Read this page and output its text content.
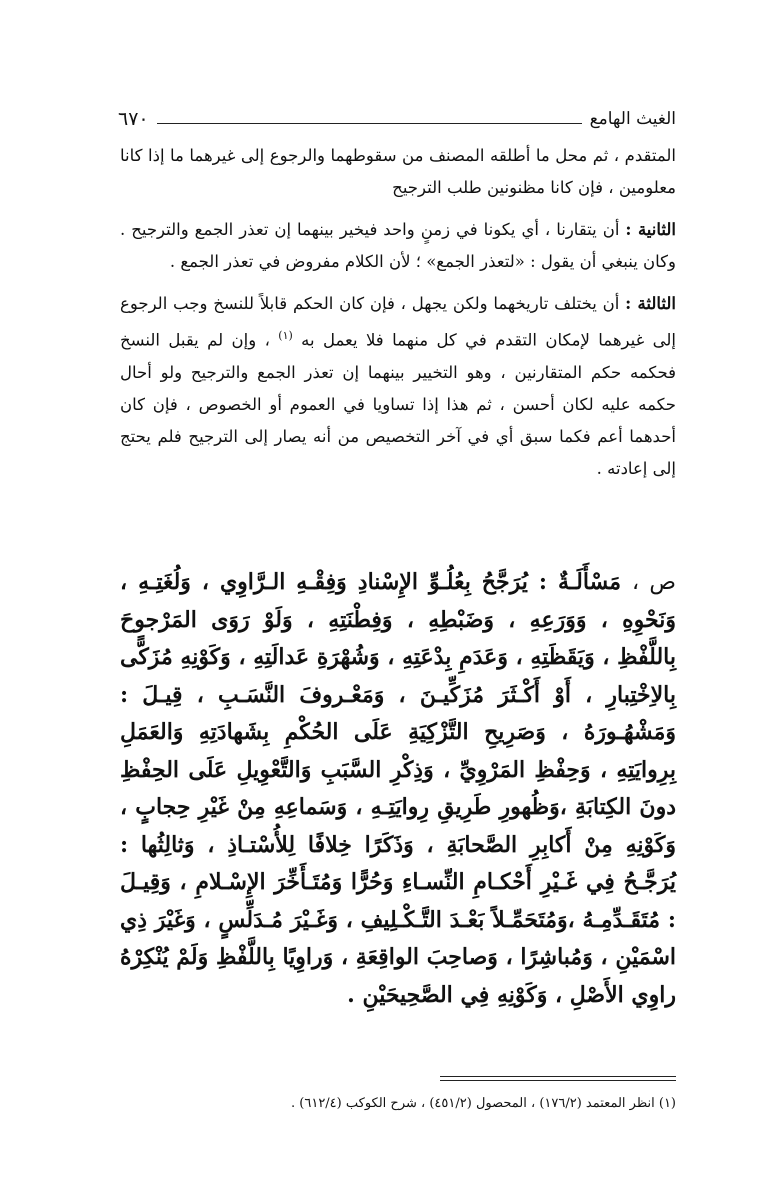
الغيث الهامع
٦٧٠

المتقدم ، ثم محل ما أطلقه المصنف من سقوطهما والرجوع إلى غيرهما ما إذا كانا معلومين ، فإن كانا مظنونين طلب الترجيح

الثانية : أن يتقارنا ، أي يكونا في زمنٍ واحد فيخير بينهما إن تعذر الجمع والترجيح . وكان ينبغي أن يقول : «لتعذر الجمع» ؛ لأن الكلام مفروض في تعذر الجمع .

الثالثة : أن يختلف تاريخهما ولكن يجهل ، فإن كان الحكم قابلاً للنسخ وجب الرجوع إلى غيرهما لإمكان التقدم في كل منهما فلا يعمل به $^{(١)}$ ، وإن لم يقبل النسخ فحكمه حكم المتقارنين ، وهو التخيير بينهما إن تعذر الجمع والترجيح ولو أحال حكمه عليه لكان أحسن ، ثم هذا إذا تساويا في العموم أو الخصوص ، فإن كان أحدهما أعم فكما سبق أي في آخر التخصيص من أنه يصار إلى الترجيح فلم يحتج إلى إعادته .

ص ، مَسْأَلَـةٌ : يُرَجَّحُ بِعُلُـوِّ الإِسْنادِ وَفِقْـهِ الـرَّاوِي ، وَلُغَتِـهِ ، وَنَحْوِهِ ، وَوَرَعِهِ ، وَضَبْطِهِ ، وَفِطْنَتِهِ ، وَلَوْ رَوَى المَرْجوحَ بِاللَّفْظِ ، وَيَقَظَتِهِ ، وَعَدَمِ بِدْعَتِهِ ، وَشُهْرَةِ عَدالَتِهِ ، وَكَوْنِهِ مُزَكًّى بِالاِخْتِبارِ ، أَوْ أَكْـثَرَ مُزَكِّيـنَ ، وَمَعْـروفَ النَّسَـبِ ، قِيـلَ : وَمَشْهُـورَهُ ، وَصَرِيحِ التَّزْكِيَةِ عَلَى الحُكْمِ بِشَهادَتِهِ وَالعَمَلِ بِرِوايَتِهِ ، وَحِفْظِ المَرْوِيِّ ، وَذِكْرِ السَّبَبِ وَالتَّعْوِيلِ عَلَى الحِفْظِ دونَ الكِتابَةِ ،وَظُهورِ طَرِيقِ رِوايَتِـهِ ، وَسَماعِهِ مِنْ غَيْرِ حِجابٍ ، وَكَوْنِهِ مِنْ أَكابِرِ الصَّحابَةِ ، وَذَكَرًا خِلافًا لِلأُسْتـاذِ ، وَثالِثُها : يُرَجَّـحُ فِي غَـيْرِ أَحْكـامِ النِّسـاءِ وَحُرًّا وَمُتَـأَخِّرَ الإِسْـلامِ ، وَقِيـلَ : مُتَقَـدِّمِـهُ ،وَمُتَحَمِّـلاً بَعْـدَ التَّـكْـلِيفِ ، وَغَـيْرَ مُـدَلِّسٍ ، وَغَيْرَ ذِي اسْمَيْنِ ، وَمُباشِرًا ، وَصاحِبَ الواقِعَةِ ، وَراوِيًا بِاللَّفْظِ وَلَمْ يُنْكِرْهُ راوِي الأَصْلِ ، وَكَوْنِهِ فِي الصَّحِيحَيْنِ .

(١) انظر المعتمد (١٧٦/٢) ، المحصول (٤٥١/٢) ، شرح الكوكب (٦١٢/٤) .
